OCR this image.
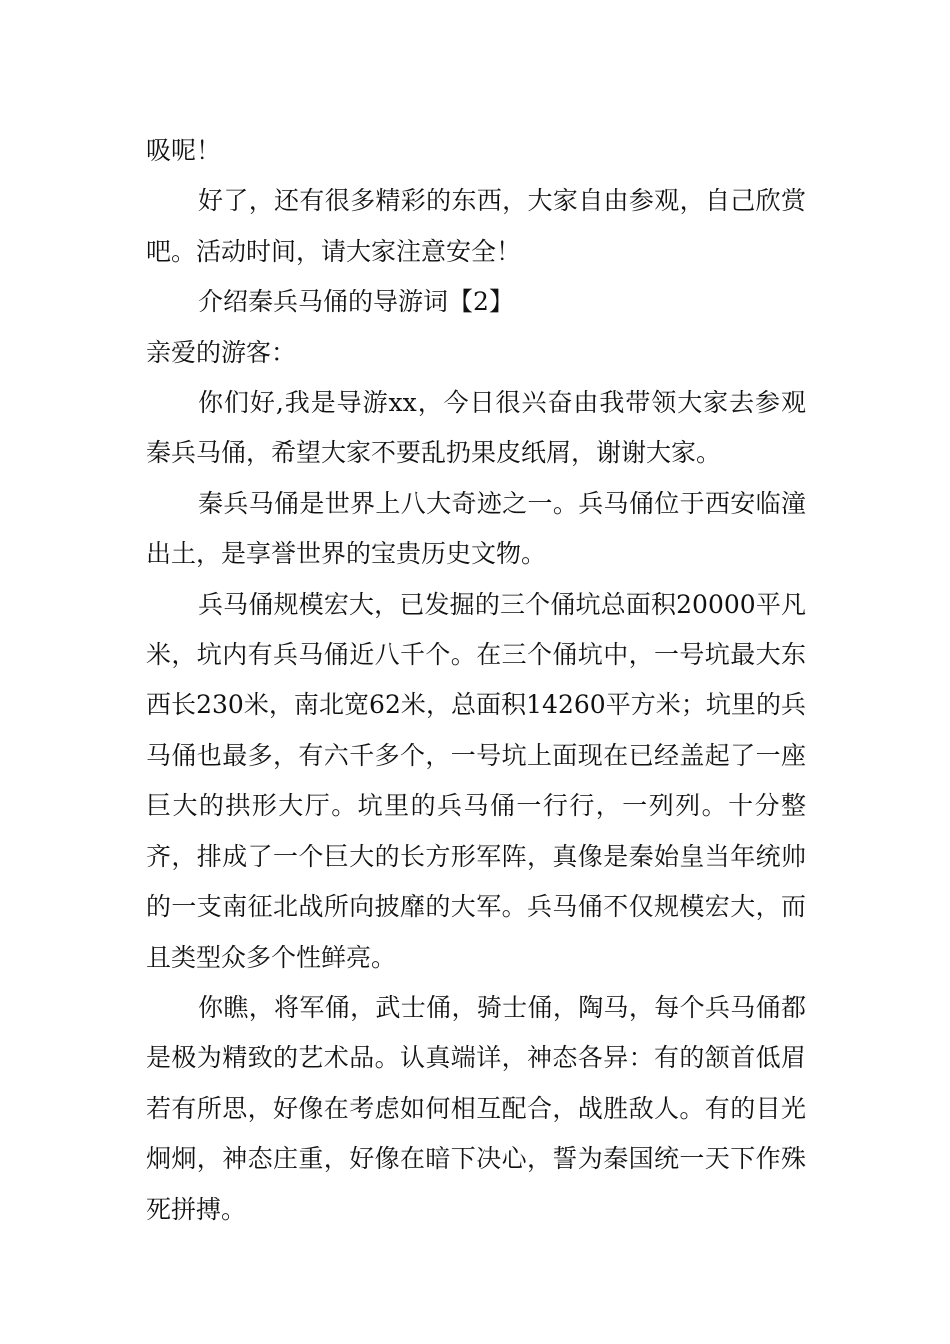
吸呢！

好了，还有很多精彩的东西，大家自由参观，自己欣赏吧。活动时间，请大家注意安全！

介绍秦兵马俑的导游词【2】

亲爱的游客：

你们好,我是导游xx，今日很兴奋由我带领大家去参观秦兵马俑，希望大家不要乱扔果皮纸屑，谢谢大家。

秦兵马俑是世界上八大奇迹之一。兵马俑位于西安临潼出土，是享誉世界的宝贵历史文物。

兵马俑规模宏大，已发掘的三个俑坑总面积20000平凡米，坑内有兵马俑近八千个。在三个俑坑中，一号坑最大东西长230米，南北宽62米，总面积14260平方米；坑里的兵马俑也最多，有六千多个，一号坑上面现在已经盖起了一座巨大的拱形大厅。坑里的兵马俑一行行，一列列。十分整齐，排成了一个巨大的长方形军阵，真像是秦始皇当年统帅的一支南征北战所向披靡的大军。兵马俑不仅规模宏大，而且类型众多个性鲜亮。

你瞧，将军俑，武士俑，骑士俑，陶马，每个兵马俑都是极为精致的艺术品。认真端详，神态各异：有的颔首低眉若有所思，好像在考虑如何相互配合，战胜敌人。有的目光炯炯，神态庄重，好像在暗下决心，誓为秦国统一天下作殊死拼搏。
